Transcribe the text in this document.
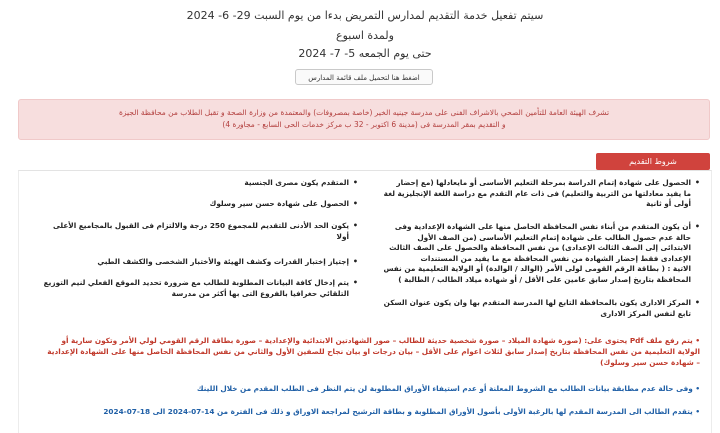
سيتم تفعيل خدمة التقديم لمدارس التمريض بدءا من يوم السبت 29- 6- 2024
ولمدة اسبوع
حتى يوم الجمعه 5- 7- 2024
اضغط هنا لتحميل ملف قائمة المدارس
تشرف الهيئة العامة للتأمين الصحي بالاشراف الفنى على مدرسة جينيه الخير (خاصة بمصروفات) والمعتمدة من وزارة الصحة و تقبل الطلاب من محافظة الجيزة
و التقديم بمقر المدرسة فى (مدينة 6 اكتوبر - 32 ب مركز خدمات الحى السابع - مجاورة 4)
شروط التقديم
• الحصول على شهادة إتمام الدراسة بمرحلة التعليم الأساسى أو مايعادلها (مع إحضار
ما يفيد معادلتها من التربية والتعليم) فى ذات عام التقدم مع دراسة اللغة الإنجليزية لغة
أولى أو ثانية
• أن يكون المتقدم من أبناء نفس المحافظة الحاصل منها على الشهادة الإعدادية وفى
حالة عدم حصول الطالب على شهادة إتمام التعليم الأساسى (من الصف الأول
الابتدائى إلى الصف الثالث الإعدادى) من نفس المحافظة والحصول على الصف الثالث
الإعدادى فقط إحضار الشهادة من نفس المحافظة مع ما يفيد من المستندات
الاتية : ( بطاقة الرقم القومى لولى الأمر (الوالد / الوالدة) أو الولاية التعليمية من نفس
المحافظة بتاريخ إصدار سابق عامين على الأقل / أو شهادة ميلاد الطالب / الطالبة )
• المركز الادارى يكون بالمحافظة التابع لها المدرسة المتقدم بها وان يكون عنوان السكن
تابع لنفس المركز الادارى
• المتقدم يكون مصرى الجنسية
• الحصول على شهادة حسن سير وسلوك
• يكون الحد الأدنى للتقديم للمجموع 250 درجة والالتزام فى القبول بالمجاميع الأعلى
أولا
• إجتياز إختبار القدرات وكشف الهيئة والأختبار الشخصى والكشف الطبي
• يتم إدخال كافة البيانات المطلوبة للطالب مع ضرورة تحديد الموقع الفعلي لنيم التوزيع
التلقائي حغرافيا بالفروع التى بها أكثر من مدرسة
• يتم رفع ملف Pdf يحتوى على: (صورة شهادة الميلاد – صورة شخصية حديثة للطالب – صور الشهادتين الابتدائية والإعدادية – صورة بطاقة الرقم القومي لولي الأمر وتكون سارية أو
الولاية التعليمية من نفس المحافظة بتاريخ إصدار سابق لثلاث اعوام على الأقل – بيان درجات او بيان نجاح للصفين الأول والثاني من نفس المحافظة الحاصل منها على الشهادة الإعدادية
– شهادة حسن سير وسلوك)
• وفى حالة عدم مطابقة بيانات الطالب مع الشروط المعلنة أو عدم استيفاء الأوراق المطلوبة لن يتم النظر فى الطلب المقدم من خلال اللينك
• يتقدم الطالب الى المدرسة المقدم لها بالرغبة الأولى بأصول الأوراق المطلوبة و بطاقة الترشيح لمراجعة الاوراق و ذلك فى الفترة من 14-07-2024 الى 18-07-2024
